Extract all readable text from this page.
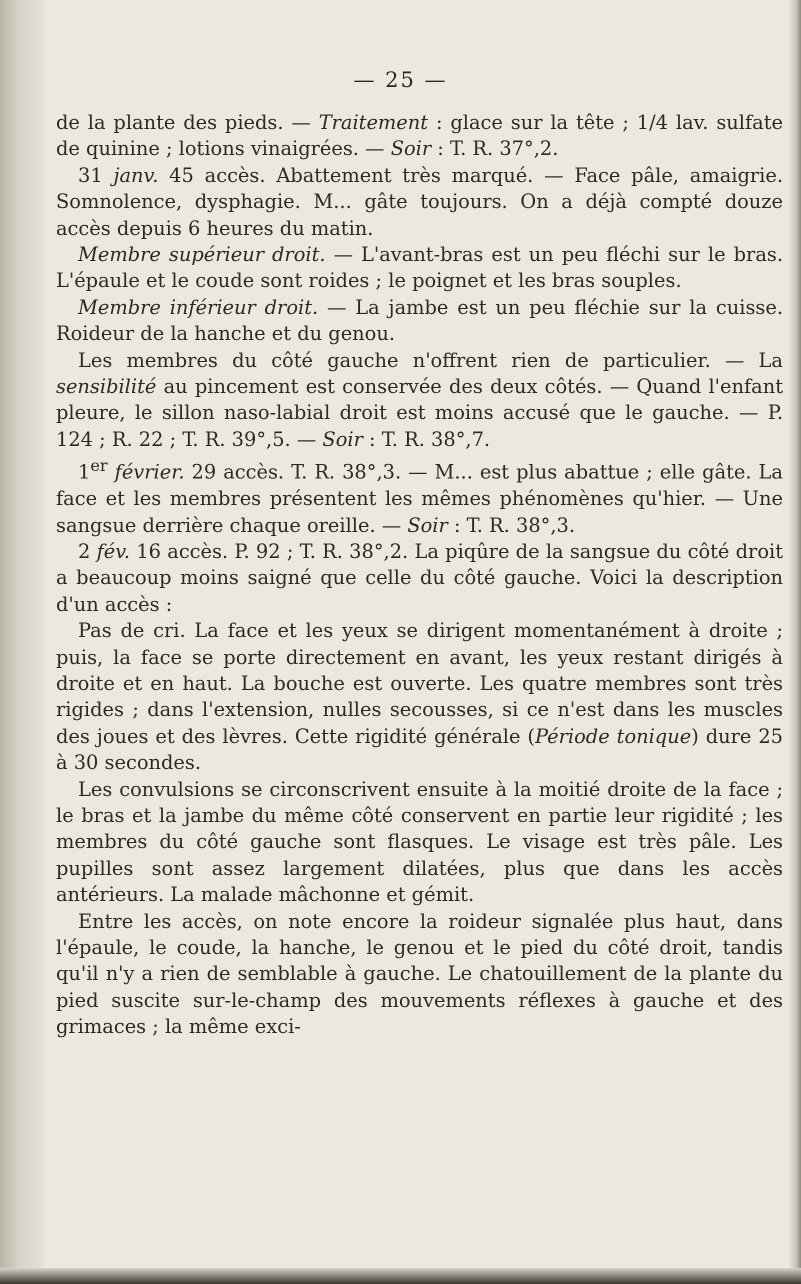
— 25 —

de la plante des pieds. — Traitement : glace sur la tête ; 1/4 lav. sulfate de quinine ; lotions vinaigrées. — Soir : T. R. 37°,2.

31 janv. 45 accès. Abattement très marqué. — Face pâle, amaigrie. Somnolence, dysphagie. M... gâte toujours. On a déjà compté douze accès depuis 6 heures du matin.

Membre supérieur droit. — L'avant-bras est un peu fléchi sur le bras. L'épaule et le coude sont roides ; le poignet et les bras souples.

Membre inférieur droit. — La jambe est un peu fléchie sur la cuisse. Roideur de la hanche et du genou.

Les membres du côté gauche n'offrent rien de particulier. — La sensibilité au pincement est conservée des deux côtés. — Quand l'enfant pleure, le sillon naso-labial droit est moins accusé que le gauche. — P. 124 ; R. 22 ; T. R. 39°,5. — Soir : T. R. 38°,7.

1er février. 29 accès. T. R. 38°,3. — M... est plus abattue ; elle gâte. La face et les membres présentent les mêmes phénomènes qu'hier. — Une sangsue derrière chaque oreille. — Soir : T. R. 38°,3.

2 fév. 16 accès. P. 92 ; T. R. 38°,2. La piqûre de la sangsue du côté droit a beaucoup moins saigné que celle du côté gauche. Voici la description d'un accès :

Pas de cri. La face et les yeux se dirigent momentanément à droite ; puis, la face se porte directement en avant, les yeux restant dirigés à droite et en haut. La bouche est ouverte. Les quatre membres sont très rigides ; dans l'extension, nulles secousses, si ce n'est dans les muscles des joues et des lèvres. Cette rigidité générale (Période tonique) dure 25 à 30 secondes.

Les convulsions se circonscrivent ensuite à la moitié droite de la face ; le bras et la jambe du même côté conservent en partie leur rigidité ; les membres du côté gauche sont flasques. Le visage est très pâle. Les pupilles sont assez largement dilatées, plus que dans les accès antérieurs. La malade mâchonne et gémit.

Entre les accès, on note encore la roideur signalée plus haut, dans l'épaule, le coude, la hanche, le genou et le pied du côté droit, tandis qu'il n'y a rien de semblable à gauche. Le chatouillement de la plante du pied suscite sur-le-champ des mouvements réflexes à gauche et des grimaces ; la même exci-
